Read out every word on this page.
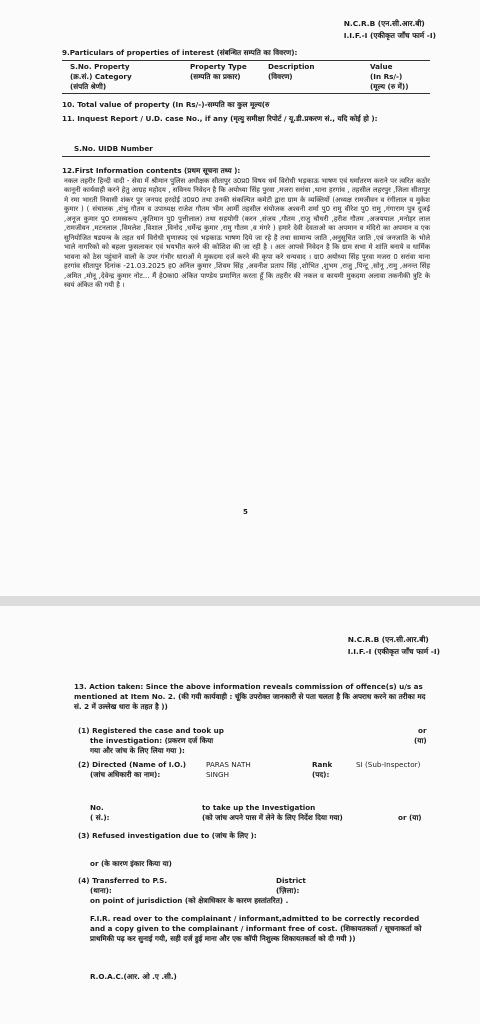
N.C.R.B (एन.सी.आर.बी)
I.I.F.-I (एकीकृत जाँच फार्म -I)
9.Particulars of properties of interest (संबन्धित सम्पति का विवरण):
S.No. Property
(क्र.सं.) Category
(संपति श्रेणी)
Property Type
(सम्पति का प्रकार)
Description
(विवरण)
Value
(In Rs/-)
(मूल्य (रु में))
10. Total value of property (In Rs/-)-सम्पति का कुल मूल्य(रु
11. Inquest Report / U.D. case No., if any (मृत्यु समीक्षा रिपोर्ट / यू.डी.प्रकरण सं., यदि कोई हो ):
S.No. UIDB Number
12.First Information contents (प्रथम सूचना तथ्य ):
नकल तहरीर हिन्दी वादी - सेवा में श्रीमान पुलिस अधीक्षक सीतापुर उ0प्र0 विषय धर्म विरोधी भड़काऊ भाषण एवं धर्मांतरण कराने पर त्वरित कठोर कानूनी कार्यवाही करने हेतु आग्रह महोदय , सविनय निवेदन है कि अयोध्या सिंह पुरवा ,मजरा सरांवा ,थाना हरगांव , तहसील लहरपुर ,जिला सीतापुर मे रमा भारती निवासी शंकर पुर जनपद हरदोई उ0प्र0 तथा उनकी संकल्पित कमेटी द्वारा ग्राम के व्यक्तियों (अध्यक्ष रामजीवन व रंगीलाल व मुकेश कुमार ) ( संचालक ,शंभु गौतम व उपाध्यक्ष राजेश गौतम भीम आर्मी तहसील संयोजक अश्वनी शर्मा पु0 रामु वीरेश पु0 रामु ,गंगाराम पुत्र दुजई ,अनूज कुमार पु0 रामस्वरूप ,कृतिमान पु0 पुत्तीलाल) तथा सहयोगी (करन ,संजय ,गौतम ,राजु चौधरी ,हरीश गौतम ,अजयपाल ,मनोहर लाल ,रामजीवन ,मटनलाल ,विमलेश ,विशाल ,विनोद ,धर्मेन्द्र कुमार ,रामु गौतम ,व मंगरे ) हमारे देवी देवताओ का अपमान व मंदिरो का अपमान व एक सुनियोजित षडयन्त्र के तहत धर्म विरोधी घृणास्पद एवं भड़काऊ भाषण दिये जा रहे है तथा सामान्य जाति ,अनुसूचित जाति ,एवं जनजाति के भोले भाले नागरिको को बहला फुसलाकर एवं भयभीत करने की कोशिश की जा रही है । अतः आपसे निवेदन है कि ग्राम सभा मे शांति बनाये व धार्मिक भावना को ठेस पहुंचाने वालो के उपर गंभीर धाराओं मे मुकदमा दर्ज करने की कृपा करे धन्यवाद । ग्रा0 अयोध्या सिंह पुरवा मजरा 0 सरांवा थाना हरगांव सीतापुर दिनांक -21.03.2025 ह0 अनिल कुमार ,शिवम सिंह ,अवनीश प्रताप सिंह ,शोभित ,शुभम ,राजु ,पिन्टू ,सोनू ,रामु ,अनन्त सिंह ,अमित ,मोनू ,देवेन्द्र कुमार नोट... मैं हे0का0 अंकित पाण्डेय प्रमाणित करता हूँ कि तहरीर की नकल व कायमी मुकदमा अलावा तकनीकी त्रुटि के स्वयं अंकित की गयी है ।
5
N.C.R.B (एन.सी.आर.बी)
I.I.F.-I (एकीकृत जाँच फार्म -I)
13. Action taken: Since the above information reveals commission of offence(s) u/s as mentioned at Item No. 2. (की गयी कार्यवाही : चूंकि उपरोक्त जानकारी से पता चलता है कि अपराध करने का तरीका मद सं. 2 में उल्लेख धारा के तहत है ))
(1) Registered the case and took up
the investigation: (प्रकरण दर्ज किया
गया और जांच के लिए लिया गया ):
or
(या)
(2) Directed (Name of I.O.)
(जांच अधिकारी का नाम):
PARAS NATH
SINGH
Rank
(पद):
SI (Sub-Inspector)
No.
( सं.):
to take up the Investigation
(को जांच अपने पास में लेने के लिए निर्देश दिया गया)	or (या)
(3) Refused investigation due to (जांच के लिए ):
or (के कारण इंकार किया या)
(4) Transferred to P.S.
(थाना):
on point of jurisdiction (को क्षेत्राधिकार के कारण हस्तांतरित) .
District
(ज़िला):
F.I.R. read over to the complainant / informant,admitted to be correctly recorded and a copy given to the complainant / informant free of cost. (शिकायतकर्ता / सूचनाकर्ता को प्राथमिकी पढ़ कर सुनाई गयी, सही दर्ज हुई माना और एक कॉपी निशुल्क शिकायतकर्ता को दी गयी ))
R.O.A.C.(आर. ओ .ए .सी.)
